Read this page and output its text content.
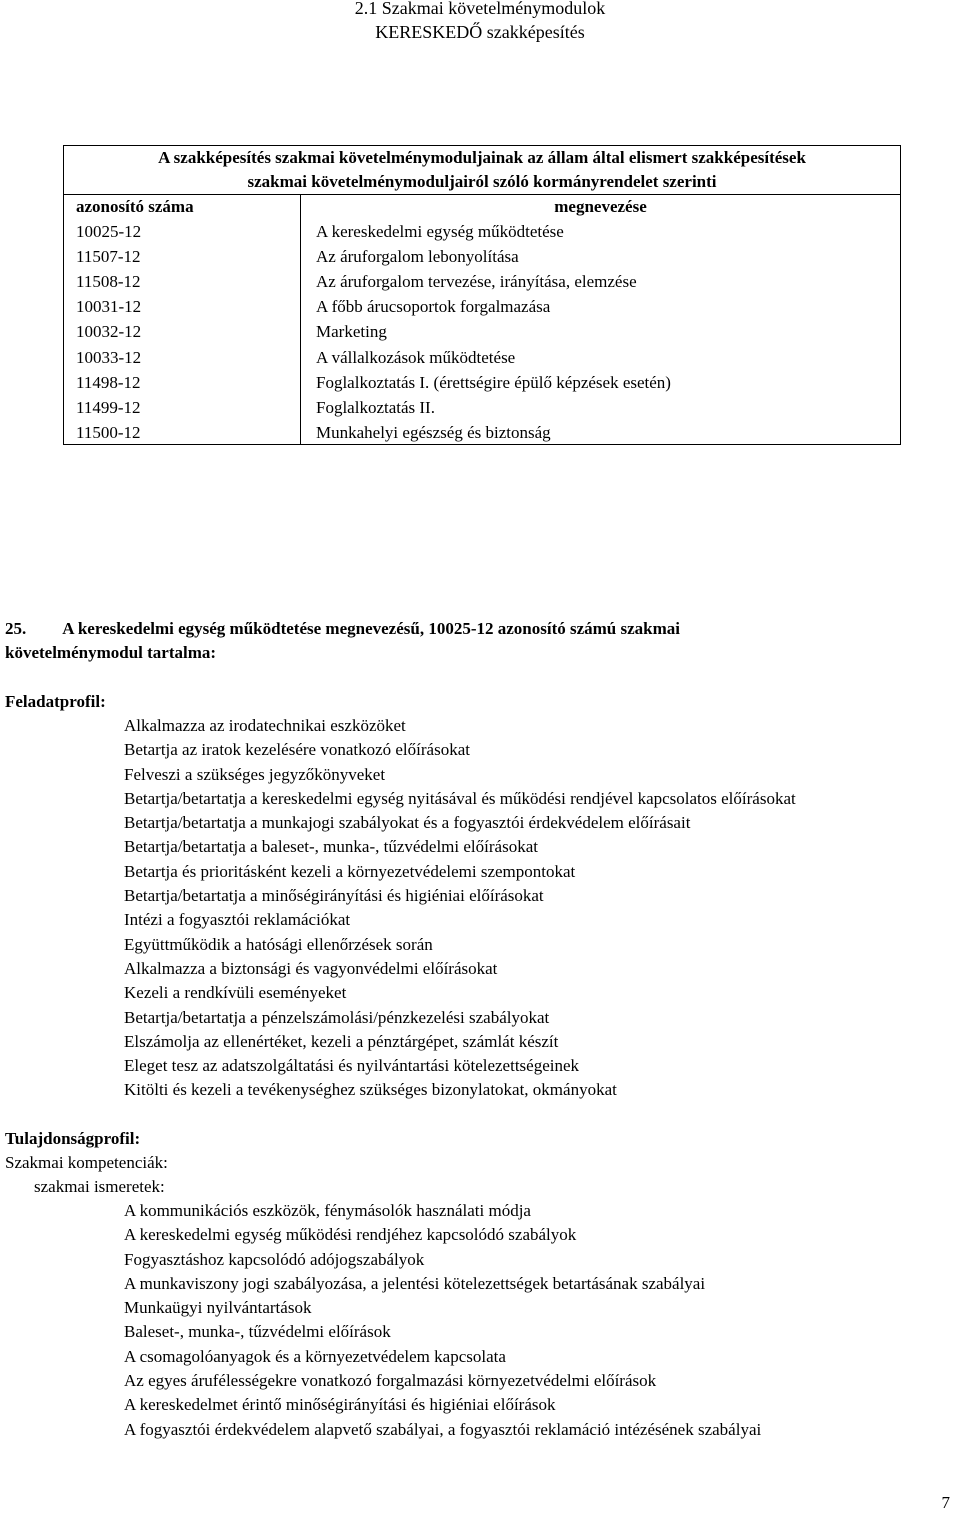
2.1 Szakmai követelménymodulok
KERESKEDŐ szakképesítés
A szakképesítés szakmai követelménymoduljainak az állam által elismert szakképesítések
szakmai követelménymoduljairól szóló kormányrendelet szerinti
azonosító száma	megnevezése
10025-12	A kereskedelmi egység működtetése
11507-12	Az áruforgalom lebonyolítása
11508-12	Az áruforgalom tervezése, irányítása, elemzése
10031-12	A főbb árucsoportok forgalmazása
10032-12	Marketing
10033-12	A vállalkozások működtetése
11498-12	Foglalkoztatás I. (érettségire épülő képzések esetén)
11499-12	Foglalkoztatás II.
11500-12	Munkahelyi egészség és biztonság
25. A kereskedelmi egység működtetése megnevezésű, 10025-12 azonosító számú szakmai
követelménymodul tartalma:
Feladatprofil:
Alkalmazza az irodatechnikai eszközöket
Betartja az iratok kezelésére vonatkozó előírásokat
Felveszi a szükséges jegyzőkönyveket
Betartja/betartatja a kereskedelmi egység nyitásával és működési rendjével kapcsolatos előírásokat
Betartja/betartatja a munkajogi szabályokat és a fogyasztói érdekvédelem előírásait
Betartja/betartatja a baleset-, munka-, tűzvédelmi előírásokat
Betartja és prioritásként kezeli a környezetvédelemi szempontokat
Betartja/betartatja a minőségirányítási és higiéniai előírásokat
Intézi a fogyasztói reklamációkat
Együttműködik a hatósági ellenőrzések során
Alkalmazza a biztonsági és vagyonvédelmi előírásokat
Kezeli a rendkívüli eseményeket
Betartja/betartatja a pénzelszámolási/pénzkezelési szabályokat
Elszámolja az ellenértéket, kezeli a pénztárgépet, számlát készít
Eleget tesz az adatszolgáltatási és nyilvántartási kötelezettségeinek
Kitölti és kezeli a tevékenységhez szükséges bizonylatokat, okmányokat
Tulajdonságprofil:
Szakmai kompetenciák:
szakmai ismeretek:
A kommunikációs eszközök, fénymásolók használati módja
A kereskedelmi egység működési rendjéhez kapcsolódó szabályok
Fogyasztáshoz kapcsolódó adójogszabályok
A munkaviszony jogi szabályozása, a jelentési kötelezettségek betartásának szabályai
Munkaügyi nyilvántartások
Baleset-, munka-, tűzvédelmi előírások
A csomagolóanyagok és a környezetvédelem kapcsolata
Az egyes árufélességekre vonatkozó forgalmazási környezetvédelmi előírások
A kereskedelmet érintő minőségirányítási és higiéniai előírások
A fogyasztói érdekvédelem alapvető szabályai, a fogyasztói reklamáció intézésének szabályai
7
